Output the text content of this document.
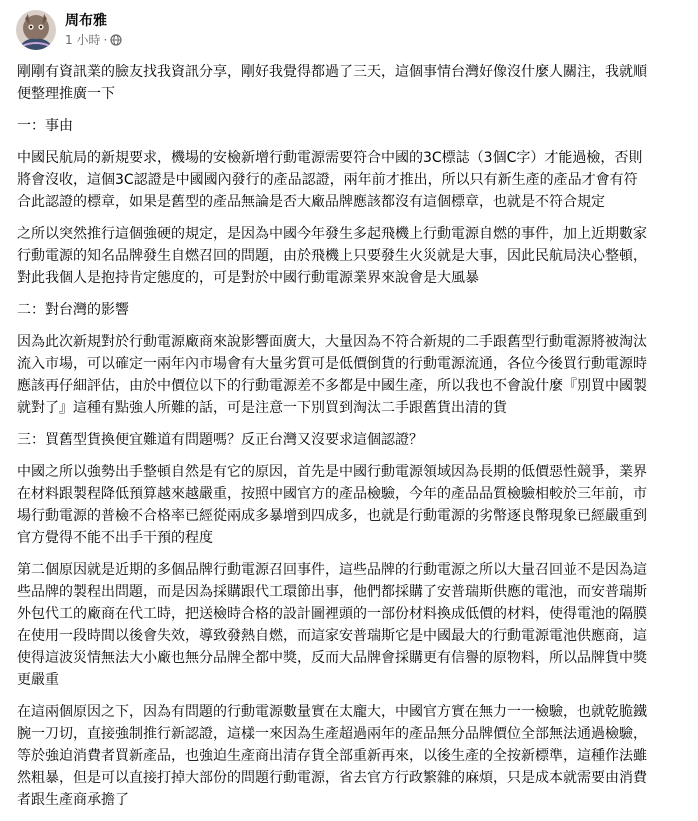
周布雅
1 小時 ·

剛剛有資訊業的臉友找我資訊分享，剛好我覺得都過了三天，這個事情台灣好像沒什麼人關注，我就順
便整理推廣一下

一：事由

中國民航局的新規要求，機場的安檢新增行動電源需要符合中國的3C標誌（3個C字）才能過檢，否則
將會沒收，這個3C認證是中國國內發行的產品認證，兩年前才推出，所以只有新生產的產品才會有符
合此認證的標章，如果是舊型的產品無論是否大廠品牌應該都沒有這個標章，也就是不符合規定

之所以突然推行這個強硬的規定，是因為中國今年發生多起飛機上行動電源自燃的事件，加上近期數家
行動電源的知名品牌發生自燃召回的問題，由於飛機上只要發生火災就是大事，因此民航局決心整頓，
對此我個人是抱持肯定態度的，可是對於中國行動電源業界來說會是大風暴

二：對台灣的影響

因為此次新規對於行動電源廠商來說影響面廣大，大量因為不符合新規的二手跟舊型行動電源將被淘汰
流入市場，可以確定一兩年內市場會有大量劣質可是低價倒貨的行動電源流通，各位今後買行動電源時
應該再仔細評估，由於中價位以下的行動電源差不多都是中國生產，所以我也不會說什麼『別買中國製
就對了』這種有點強人所難的話，可是注意一下別買到淘汰二手跟舊貨出清的貨

三：買舊型貨換便宜難道有問題嗎？反正台灣又沒要求這個認證？

中國之所以強勢出手整頓自然是有它的原因，首先是中國行動電源領域因為長期的低價惡性競爭，業界
在材料跟製程降低預算越來越嚴重，按照中國官方的產品檢驗，今年的產品品質檢驗相較於三年前，市
場行動電源的普檢不合格率已經從兩成多暴增到四成多，也就是行動電源的劣幣逐良幣現象已經嚴重到
官方覺得不能不出手干預的程度

第二個原因就是近期的多個品牌行動電源召回事件，這些品牌的行動電源之所以大量召回並不是因為這
些品牌的製程出問題，而是因為採購跟代工環節出事，他們都採購了安普瑞斯供應的電池，而安普瑞斯
外包代工的廠商在代工時，把送檢時合格的設計圖裡頭的一部份材料換成低價的材料，使得電池的隔膜
在使用一段時間以後會失效，導致發熱自燃，而這家安普瑞斯它是中國最大的行動電源電池供應商，這
使得這波災情無法大小廠也無分品牌全都中獎，反而大品牌會採購更有信譽的原物料，所以品牌貨中獎
更嚴重

在這兩個原因之下，因為有問題的行動電源數量實在太龐大，中國官方實在無力一一檢驗，也就乾脆鐵
腕一刀切，直接強制推行新認證，這樣一來因為生產超過兩年的產品無分品牌價位全部無法通過檢驗，
等於強迫消費者買新產品，也強迫生產商出清存貨全部重新再來，以後生產的全按新標準，這種作法雖
然粗暴，但是可以直接打掉大部份的問題行動電源，省去官方行政繁雜的麻煩，只是成本就需要由消費
者跟生產商承擔了
